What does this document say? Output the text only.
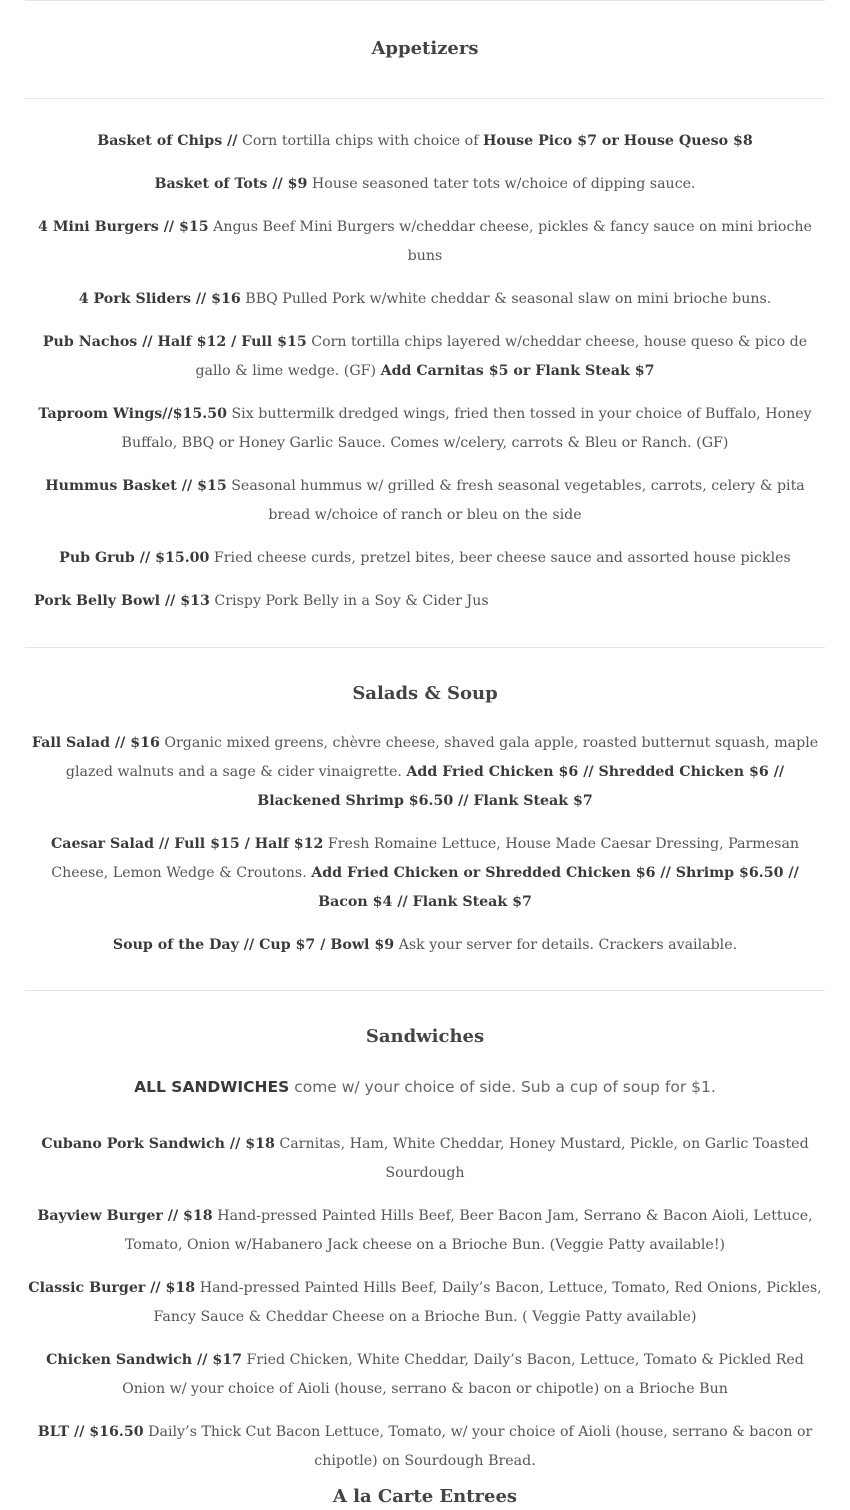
Appetizers

Basket of Chips // Corn tortilla chips with choice of House Pico $7 or House Queso $8

Basket of Tots // $9 House seasoned tater tots w/choice of dipping sauce.

4 Mini Burgers // $15 Angus Beef Mini Burgers w/cheddar cheese, pickles & fancy sauce on mini brioche buns

4 Pork Sliders // $16 BBQ Pulled Pork w/white cheddar & seasonal slaw on mini brioche buns.

Pub Nachos // Half $12 / Full $15 Corn tortilla chips layered w/cheddar cheese, house queso & pico de gallo & lime wedge. (GF) Add Carnitas $5 or Flank Steak $7

Taproom Wings//$15.50 Six buttermilk dredged wings, fried then tossed in your choice of Buffalo, Honey Buffalo, BBQ or Honey Garlic Sauce. Comes w/celery, carrots & Bleu or Ranch. (GF)

Hummus Basket // $15 Seasonal hummus w/ grilled & fresh seasonal vegetables, carrots, celery & pita bread w/choice of ranch or bleu on the side

Pub Grub // $15.00 Fried cheese curds, pretzel bites, beer cheese sauce and assorted house pickles

Pork Belly Bowl // $13 Crispy Pork Belly in a Soy & Cider Jus

Salads & Soup

Fall Salad // $16 Organic mixed greens, chèvre cheese, shaved gala apple, roasted butternut squash, maple glazed walnuts and a sage & cider vinaigrette. Add Fried Chicken $6 // Shredded Chicken $6 // Blackened Shrimp $6.50 // Flank Steak $7

Caesar Salad // Full $15 / Half $12 Fresh Romaine Lettuce, House Made Caesar Dressing, Parmesan Cheese, Lemon Wedge & Croutons. Add Fried Chicken or Shredded Chicken $6 // Shrimp $6.50 // Bacon $4 // Flank Steak $7

Soup of the Day // Cup $7 / Bowl $9 Ask your server for details. Crackers available.

Sandwiches

ALL SANDWICHES come w/ your choice of side. Sub a cup of soup for $1.

Cubano Pork Sandwich // $18 Carnitas, Ham, White Cheddar, Honey Mustard, Pickle, on Garlic Toasted Sourdough

Bayview Burger // $18 Hand-pressed Painted Hills Beef, Beer Bacon Jam, Serrano & Bacon Aioli, Lettuce, Tomato, Onion w/Habanero Jack cheese on a Brioche Bun. (Veggie Patty available!)

Classic Burger // $18 Hand-pressed Painted Hills Beef, Daily’s Bacon, Lettuce, Tomato, Red Onions, Pickles, Fancy Sauce & Cheddar Cheese on a Brioche Bun. ( Veggie Patty available)

Chicken Sandwich // $17 Fried Chicken, White Cheddar, Daily’s Bacon, Lettuce, Tomato & Pickled Red Onion w/ your choice of Aioli (house, serrano & bacon or chipotle) on a Brioche Bun

BLT // $16.50 Daily’s Thick Cut Bacon Lettuce, Tomato, w/ your choice of Aioli (house, serrano & bacon or chipotle) on Sourdough Bread.

A la Carte Entrees
